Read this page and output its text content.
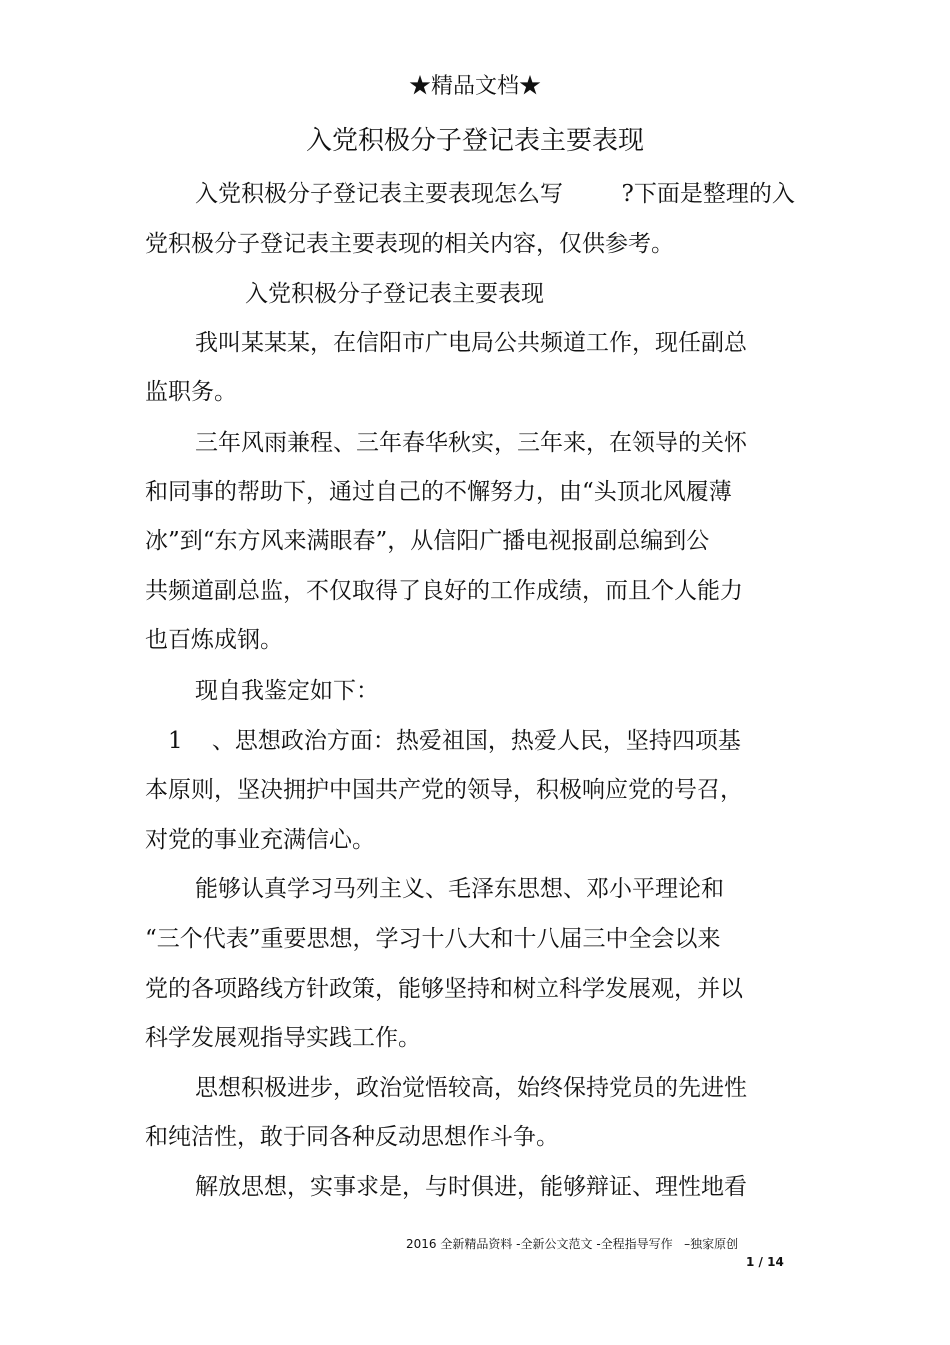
★精品文档★
入党积极分子登记表主要表现
入党积极分子登记表主要表现怎么写        ?下面是整理的入
党积极分子登记表主要表现的相关内容，仅供参考。
入党积极分子登记表主要表现
我叫某某某，在信阳市广电局公共频道工作，现任副总
监职务。
三年风雨兼程、三年春华秋实，三年来，在领导的关怀
和同事的帮助下，通过自己的不懈努力，由“头顶北风履薄
冰”到“东方风来满眼春”，从信阳广播电视报副总编到公
共频道副总监，不仅取得了良好的工作成绩，而且个人能力
也百炼成钢。
现自我鉴定如下：
1    、思想政治方面：热爱祖国，热爱人民，坚持四项基
本原则，坚决拥护中国共产党的领导，积极响应党的号召，
对党的事业充满信心。
能够认真学习马列主义、毛泽东思想、邓小平理论和
“三个代表”重要思想，学习十八大和十八届三中全会以来
党的各项路线方针政策，能够坚持和树立科学发展观，并以
科学发展观指导实践工作。
思想积极进步，政治觉悟较高，始终保持党员的先进性
和纯洁性，敢于同各种反动思想作斗争。
解放思想，实事求是，与时俱进，能够辩证、理性地看
2016 全新精品资料 -全新公文范文 -全程指导写作   –独家原创
1 / 14
